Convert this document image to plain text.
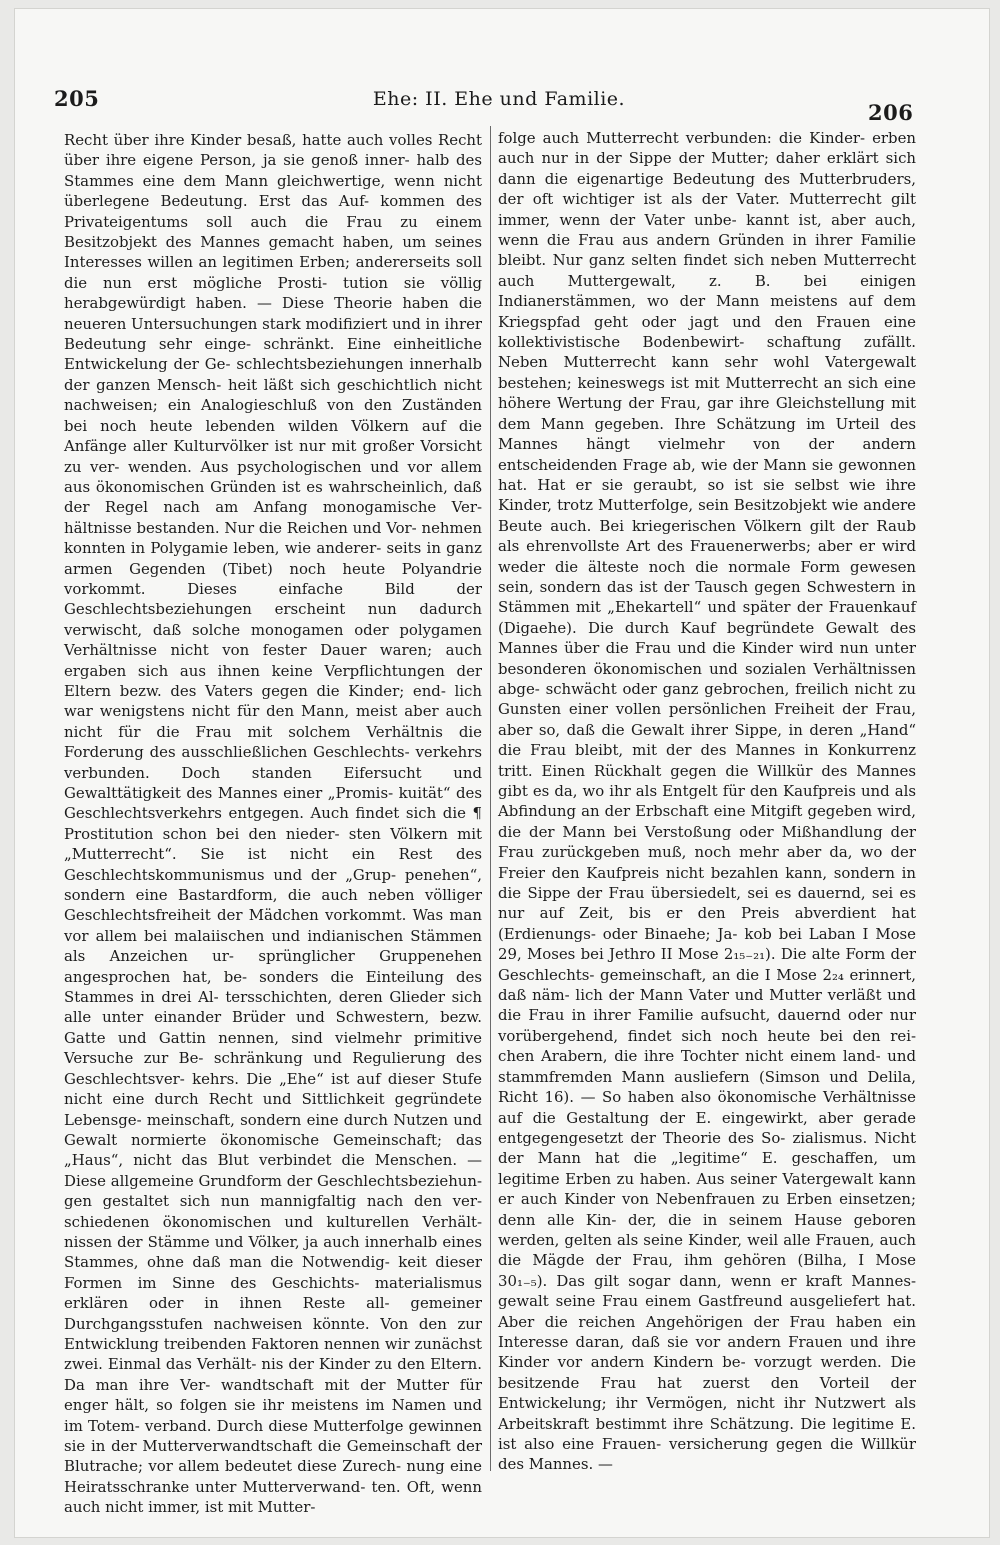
205	Ehe: II. Ehe und Familie.
206

Recht über ihre Kinder besaß, hatte auch volles Recht über ihre eigene Person, ja sie genoß inner- halb des Stammes eine dem Mann gleichwertige, wenn nicht überlegene Bedeutung. Erst das Auf- kommen des Privateigentums soll auch die Frau zu einem Besitzobjekt des Mannes gemacht haben, um seines Interesses willen an legitimen Erben; andererseits soll die nun erst mögliche Prosti- tution sie völlig herabgewürdigt haben. — Diese Theorie haben die neueren Untersuchungen stark modifiziert und in ihrer Bedeutung sehr einge- schränkt. Eine einheitliche Entwickelung der Ge- schlechtsbeziehungen innerhalb der ganzen Mensch- heit läßt sich geschichtlich nicht nachweisen; ein Analogieschluß von den Zuständen bei noch heute lebenden wilden Völkern auf die Anfänge aller Kulturvölker ist nur mit großer Vorsicht zu ver- wenden. Aus psychologischen und vor allem aus ökonomischen Gründen ist es wahrscheinlich, daß der Regel nach am Anfang monogamische Ver- hältnisse bestanden. Nur die Reichen und Vor- nehmen konnten in Polygamie leben, wie anderer- seits in ganz armen Gegenden (Tibet) noch heute Polyandrie vorkommt. Dieses einfache Bild der Geschlechtsbeziehungen erscheint nun dadurch verwischt, daß solche monogamen oder polygamen Verhältnisse nicht von fester Dauer waren; auch ergaben sich aus ihnen keine Verpflichtungen der Eltern bezw. des Vaters gegen die Kinder; end- lich war wenigstens nicht für den Mann, meist aber auch nicht für die Frau mit solchem Verhältnis die Forderung des ausschließlichen Geschlechts- verkehrs verbunden. Doch standen Eifersucht und Gewalttätigkeit des Mannes einer „Promis- kuität“ des Geschlechtsverkehrs entgegen. Auch findet sich die ¶ Prostitution schon bei den nieder- sten Völkern mit „Mutterrecht“. Sie ist nicht ein Rest des Geschlechtskommunismus und der „Grup- penehen“, sondern eine Bastardform, die auch neben völliger Geschlechtsfreiheit der Mädchen vorkommt. Was man vor allem bei malaiischen und indianischen Stämmen als Anzeichen ur- sprünglicher Gruppenehen angesprochen hat, be- sonders die Einteilung des Stammes in drei Al- tersschichten, deren Glieder sich alle unter einander Brüder und Schwestern, bezw. Gatte und Gattin nennen, sind vielmehr primitive Versuche zur Be- schränkung und Regulierung des Geschlechtsver- kehrs. Die „Ehe“ ist auf dieser Stufe nicht eine durch Recht und Sittlichkeit gegründete Lebensge- meinschaft, sondern eine durch Nutzen und Gewalt normierte ökonomische Gemeinschaft; das „Haus“, nicht das Blut verbindet die Menschen. — Diese allgemeine Grundform der Geschlechtsbeziehun- gen gestaltet sich nun mannigfaltig nach den ver- schiedenen ökonomischen und kulturellen Verhält- nissen der Stämme und Völker, ja auch innerhalb eines Stammes, ohne daß man die Notwendig- keit dieser Formen im Sinne des Geschichts- materialismus erklären oder in ihnen Reste all- gemeiner Durchgangsstufen nachweisen könnte. Von den zur Entwicklung treibenden Faktoren nennen wir zunächst zwei. Einmal das Verhält- nis der Kinder zu den Eltern. Da man ihre Ver- wandtschaft mit der Mutter für enger hält, so folgen sie ihr meistens im Namen und im Totem- verband. Durch diese Mutterfolge gewinnen sie in der Mutterverwandtschaft die Gemeinschaft der Blutrache; vor allem bedeutet diese Zurech- nung eine Heiratsschranke unter Mutterverwand- ten. Oft, wenn auch nicht immer, ist mit Mutter-

folge auch Mutterrecht verbunden: die Kinder- erben auch nur in der Sippe der Mutter; daher erklärt sich dann die eigenartige Bedeutung des Mutterbruders, der oft wichtiger ist als der Vater. Mutterrecht gilt immer, wenn der Vater unbe- kannt ist, aber auch, wenn die Frau aus andern Gründen in ihrer Familie bleibt. Nur ganz selten findet sich neben Mutterrecht auch Muttergewalt, z. B. bei einigen Indianerstämmen, wo der Mann meistens auf dem Kriegspfad geht oder jagt und den Frauen eine kollektivistische Bodenbewirt- schaftung zufällt. Neben Mutterrecht kann sehr wohl Vatergewalt bestehen; keineswegs ist mit Mutterrecht an sich eine höhere Wertung der Frau, gar ihre Gleichstellung mit dem Mann gegeben. Ihre Schätzung im Urteil des Mannes hängt vielmehr von der andern entscheidenden Frage ab, wie der Mann sie gewonnen hat. Hat er sie geraubt, so ist sie selbst wie ihre Kinder, trotz Mutterfolge, sein Besitzobjekt wie andere Beute auch. Bei kriegerischen Völkern gilt der Raub als ehrenvollste Art des Frauenerwerbs; aber er wird weder die älteste noch die normale Form gewesen sein, sondern das ist der Tausch gegen Schwestern in Stämmen mit „Ehekartell“ und später der Frauenkauf (Digaehe). Die durch Kauf begründete Gewalt des Mannes über die Frau und die Kinder wird nun unter besonderen ökonomischen und sozialen Verhältnissen abge- schwächt oder ganz gebrochen, freilich nicht zu Gunsten einer vollen persönlichen Freiheit der Frau, aber so, daß die Gewalt ihrer Sippe, in deren „Hand“ die Frau bleibt, mit der des Mannes in Konkurrenz tritt. Einen Rückhalt gegen die Willkür des Mannes gibt es da, wo ihr als Entgelt für den Kaufpreis und als Abfindung an der Erbschaft eine Mitgift gegeben wird, die der Mann bei Verstoßung oder Mißhandlung der Frau zurückgeben muß, noch mehr aber da, wo der Freier den Kaufpreis nicht bezahlen kann, sondern in die Sippe der Frau übersiedelt, sei es dauernd, sei es nur auf Zeit, bis er den Preis abverdient hat (Erdienungs- oder Binaehe; Ja- kob bei Laban I Mose 29, Moses bei Jethro II Mose 2₁₅₋₂₁). Die alte Form der Geschlechts- gemeinschaft, an die I Mose 2₂₄ erinnert, daß näm- lich der Mann Vater und Mutter verläßt und die Frau in ihrer Familie aufsucht, dauernd oder nur vorübergehend, findet sich noch heute bei den rei- chen Arabern, die ihre Tochter nicht einem land- und stammfremden Mann ausliefern (Simson und Delila, Richt 16). — So haben also ökonomische Verhältnisse auf die Gestaltung der E. eingewirkt, aber gerade entgegengesetzt der Theorie des So- zialismus. Nicht der Mann hat die „legitime“ E. geschaffen, um legitime Erben zu haben. Aus seiner Vatergewalt kann er auch Kinder von Nebenfrauen zu Erben einsetzen; denn alle Kin- der, die in seinem Hause geboren werden, gelten als seine Kinder, weil alle Frauen, auch die Mägde der Frau, ihm gehören (Bilha, I Mose 30₁₋₅). Das gilt sogar dann, wenn er kraft Mannes- gewalt seine Frau einem Gastfreund ausgeliefert hat. Aber die reichen Angehörigen der Frau haben ein Interesse daran, daß sie vor andern Frauen und ihre Kinder vor andern Kindern be- vorzugt werden. Die besitzende Frau hat zuerst den Vorteil der Entwickelung; ihr Vermögen, nicht ihr Nutzwert als Arbeitskraft bestimmt ihre Schätzung. Die legitime E. ist also eine Frauen- versicherung gegen die Willkür des Mannes. —
